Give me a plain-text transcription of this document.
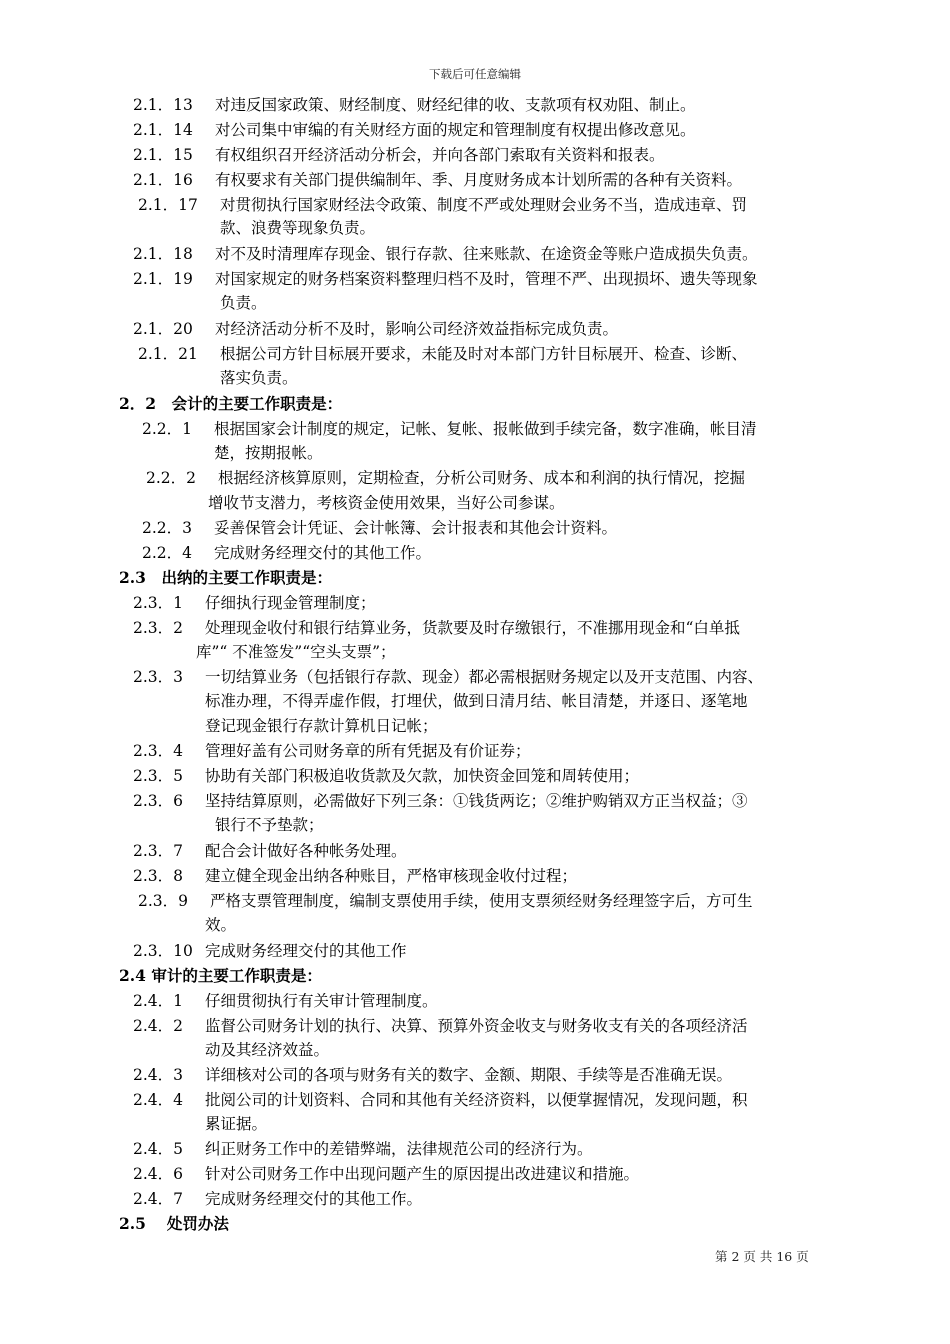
下载后可任意编辑
2.1．13 对违反国家政策、财经制度、财经纪律的收、支款项有权劝阻、制止。
2.1．14 对公司集中审编的有关财经方面的规定和管理制度有权提出修改意见。
2.1．15 有权组织召开经济活动分析会，并向各部门索取有关资料和报表。
2.1．16 有权要求有关部门提供编制年、季、月度财务成本计划所需的各种有关资料。
2.1．17 对贯彻执行国家财经法令政策、制度不严或处理财会业务不当，造成违章、罚
款、浪费等现象负责。
2.1．18 对不及时清理库存现金、银行存款、往来账款、在途资金等账户造成损失负责。
2.1．19 对国家规定的财务档案资料整理归档不及时，管理不严、出现损坏、遗失等现象
负责。
2.1．20 对经济活动分析不及时，影响公司经济效益指标完成负责。
2.1．21 根据公司方针目标展开要求，未能及时对本部门方针目标展开、检查、诊断、
落实负责。
2．2　会计的主要工作职责是：
2.2．1 根据国家会计制度的规定，记帐、复帐、报帐做到手续完备，数字准确，帐目清
楚，按期报帐。
2.2．2 根据经济核算原则，定期检查，分析公司财务、成本和利润的执行情况，挖掘
增收节支潜力，考核资金使用效果，当好公司参谋。
2.2．3 妥善保管会计凭证、会计帐簿、会计报表和其他会计资料。
2.2．4 完成财务经理交付的其他工作。
2.3　出纳的主要工作职责是：
2.3．1 仔细执行现金管理制度；
2.3．2 处理现金收付和银行结算业务，货款要及时存缴银行，不准挪用现金和“白单抵
库”“ 不准签发”“空头支票”；
2.3．3 一切结算业务（包括银行存款、现金）都必需根据财务规定以及开支范围、内容、
标准办理，不得弄虚作假，打埋伏，做到日清月结、帐目清楚，并逐日、逐笔地
登记现金银行存款计算机日记帐；
2.3．4 管理好盖有公司财务章的所有凭据及有价证券；
2.3．5 协助有关部门积极追收货款及欠款，加快资金回笼和周转使用；
2.3．6 坚持结算原则，必需做好下列三条：①钱货两讫；②维护购销双方正当权益；③
银行不予垫款；
2.3．7 配合会计做好各种帐务处理。
2.3．8 建立健全现金出纳各种账目，严格审核现金收付过程；
2.3．9 严格支票管理制度，编制支票使用手续，使用支票须经财务经理签字后，方可生
效。
2.3．10 完成财务经理交付的其他工作
2.4 审计的主要工作职责是：
2.4．1 仔细贯彻执行有关审计管理制度。
2.4．2 监督公司财务计划的执行、决算、预算外资金收支与财务收支有关的各项经济活
动及其经济效益。
2.4．3 详细核对公司的各项与财务有关的数字、金额、期限、手续等是否准确无误。
2.4．4 批阅公司的计划资料、合同和其他有关经济资料，以便掌握情况，发现问题，积
累证据。
2.4．5 纠正财务工作中的差错弊端，法律规范公司的经济行为。
2.4．6 针对公司财务工作中出现问题产生的原因提出改进建议和措施。
2.4．7 完成财务经理交付的其他工作。
2.5　 处罚办法
第 2 页 共 16 页
